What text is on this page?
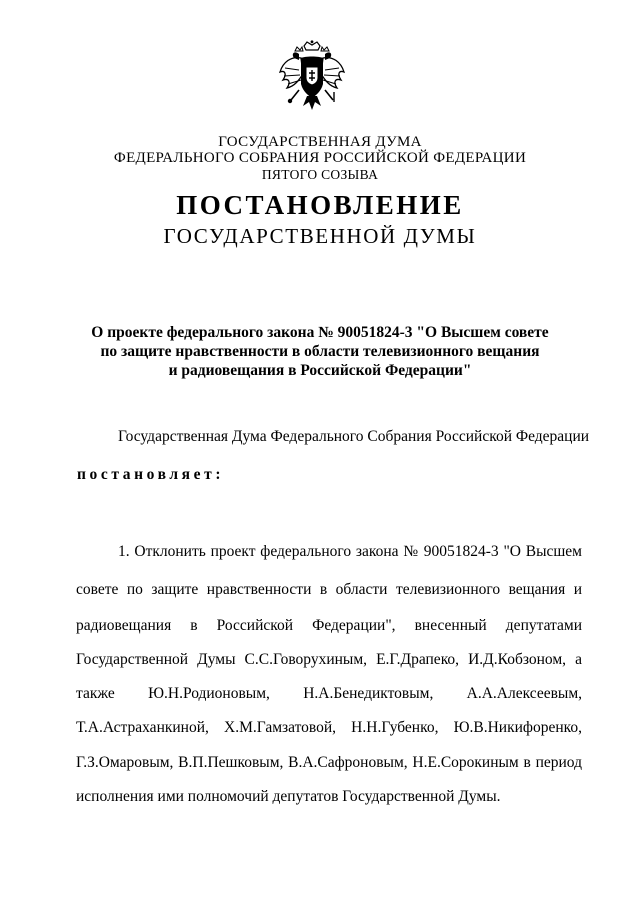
ГОСУДАРСТВЕННАЯ ДУМА
ФЕДЕРАЛЬНОГО СОБРАНИЯ РОССИЙСКОЙ ФЕДЕРАЦИИ
ПЯТОГО СОЗЫВА
ПОСТАНОВЛЕНИЕ
ГОСУДАРСТВЕННОЙ ДУМЫ
О проекте федерального закона № 90051824-3 "О Высшем совете
по защите нравственности в области телевизионного вещания
и радиовещания в Российской Федерации"
Государственная Дума Федерального Собрания Российской Федерации
постановляет:
1. Отклонить проект федерального закона № 90051824-3 "О Высшем
совете по защите нравственности в области телевизионного вещания и
радиовещания в Российской Федерации", внесенный депутатами
Государственной Думы С.С.Говорухиным, Е.Г.Драпеко, И.Д.Кобзоном, а
также Ю.Н.Родионовым, Н.А.Бенедиктовым, А.А.Алексеевым,
Т.А.Астраханкиной, Х.М.Гамзатовой, Н.Н.Губенко, Ю.В.Никифоренко,
Г.З.Омаровым, В.П.Пешковым, В.А.Сафроновым, Н.Е.Сорокиным в период
исполнения ими полномочий депутатов Государственной Думы.
